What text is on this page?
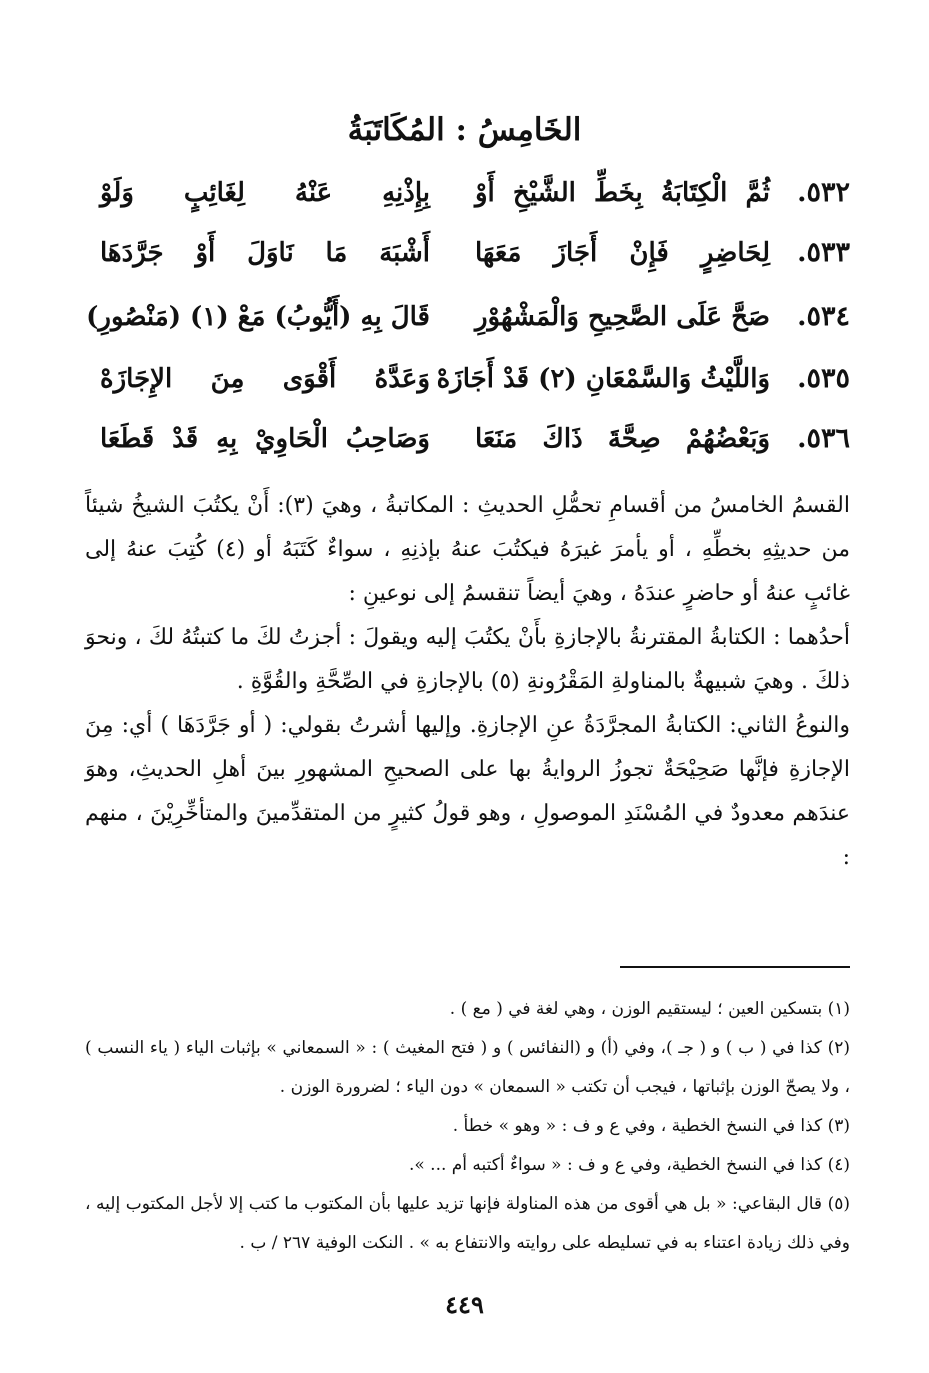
الخَامِسُ : المُكَاتَبَةُ
٥٣٢.
ثُمَّ الْكِتَابَةُ بِخَطِّ الشَّيْخِ أَوْ
بِإِذْنِهِ عَنْهُ لِغَائِبٍ وَلَوْ
٥٣٣.
لِحَاضِرٍ فَإِنْ أَجَازَ مَعَهَا
أَشْبَهَ مَا نَاوَلَ أَوْ جَرَّدَهَا
٥٣٤.
صَحَّ عَلَى الصَّحِيحِ وَالْمَشْهُوْرِ
قَالَ بِهِ (أَيُّوبُ) مَعْ (١) (مَنْصُورِ)
٥٣٥.
وَاللَّيْثُ وَالسَّمْعَانِ (٢) قَدْ أَجَازَهْ
وَعَدَّهُ أَقْوَى مِنَ الإِجَازَهْ
٥٣٦.
وَبَعْضُهُمْ صِحَّةَ ذَاكَ مَنَعَا
وَصَاحِبُ الْحَاوِيْ بِهِ قَدْ قَطَعَا

القسمُ الخامسُ من أقسامِ تحمُّلِ الحديثِ : المكاتبةُ ، وهيَ (٣): أَنْ يكتُبَ الشيخُ شيئاً من حديثِهِ بخطِّهِ ، أو يأمرَ غيرَهُ فيكتُبَ عنهُ بإذنِهِ ، سواءٌ كَتَبَهُ أو (٤) كُتِبَ عنهُ إلى غائبٍ عنهُ أو حاضرٍ عندَهُ ، وهيَ أيضاً تنقسمُ إلى نوعينِ :

أحدُهما : الكتابةُ المقترنةُ بالإجازةِ بأَنْ يكتُبَ إليه ويقولَ : أجزتُ لكَ ما كتبتُهُ لكَ ، ونحوَ ذلكَ . وهيَ شبيهةٌ بالمناولةِ المَقْرُونةِ (٥) بالإجازةِ في الصِّحَّةِ والقُوَّةِ .

والنوعُ الثاني: الكتابةُ المجرَّدَةُ عنِ الإجازةِ. وإليها أشرتُ بقولي: ( أو جَرَّدَهَا ) أي: مِنَ الإجازةِ فإنَّها صَحِيْحَةٌ تجوزُ الروايةُ بها على الصحيحِ المشهورِ بينَ أهلِ الحديثِ، وهوَ عندَهم معدودٌ في المُسْنَدِ الموصولِ ، وهو قولُ كثيرٍ من المتقدِّمينَ والمتأخِّرِيْنَ ، منهم :

(١) بتسكين العين ؛ ليستقيم الوزن ، وهي لغة في ( مع ) .

(٢) كذا في ( ب ) و ( جـ )، وفي (أ) و (النفائس ) و ( فتح المغيث ) : « السمعاني » بإثبات الياء ( ياء النسب ) ، ولا يصحّ الوزن بإثباتها ، فيجب أن تكتب « السمعان » دون الياء ؛ لضرورة الوزن .

(٣) كذا في النسخ الخطية ، وفي ع و ف : « وهو » خطأ .

(٤) كذا في النسخ الخطية، وفي ع و ف : « سواءٌ أكتبه أم ... ».

(٥) قال البقاعي: « بل هي أقوى من هذه المناولة فإنها تزيد عليها بأن المكتوب ما كتب إلا لأجل المكتوب إليه ، وفي ذلك زيادة اعتناء به في تسليطه على روايته والانتفاع به » . النكت الوفية ٢٦٧ / ب .

٤٤٩
